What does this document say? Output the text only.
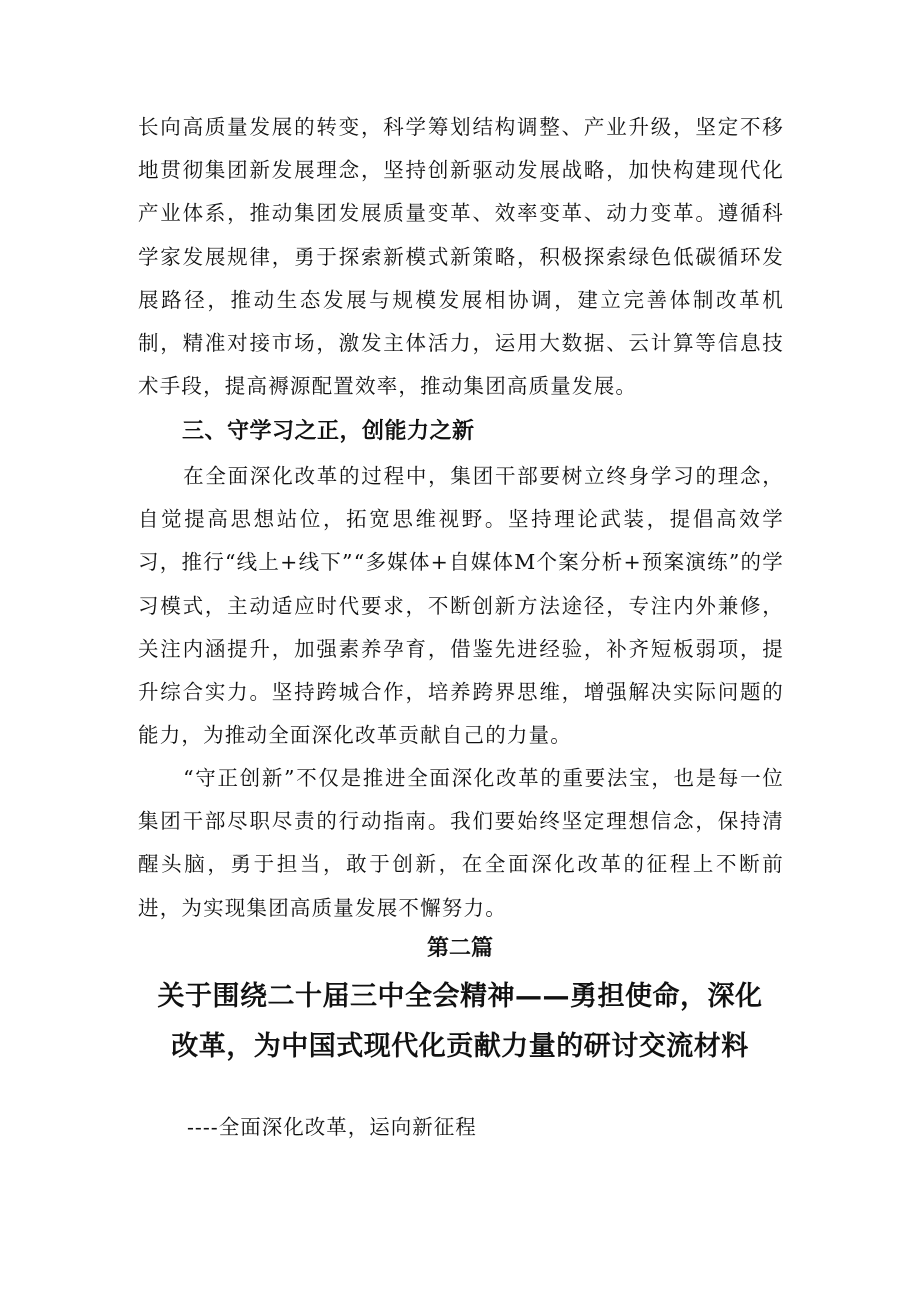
长向高质量发展的转变，科学筹划结构调整、产业升级，坚定不移地贯彻集团新发展理念，坚持创新驱动发展战略，加快构建现代化产业体系，推动集团发展质量变革、效率变革、动力变革。遵循科学家发展规律，勇于探索新模式新策略，积极探索绿色低碳循环发展路径，推动生态发展与规模发展相协调，建立完善体制改革机制，精准对接市场，激发主体活力，运用大数据、云计算等信息技术手段，提高褥源配置效率，推动集团高质量发展。

三、守学习之正，创能力之新

在全面深化改革的过程中，集团干部要树立终身学习的理念，自觉提高思想站位，拓宽思维视野。坚持理论武装，提倡高效学习，推行“线上+线下”“多媒体+自媒体M个案分析+预案演练”的学习模式，主动适应时代要求，不断创新方法途径，专注内外兼修，关注内涵提升，加强素养孕育，借鉴先进经验，补齐短板弱项，提升综合实力。坚持跨城合作，培养跨界思维，增强解决实际问题的能力，为推动全面深化改革贡献自己的力量。

“守正创新”不仅是推进全面深化改革的重要法宝，也是每一位集团干部尽职尽责的行动指南。我们要始终坚定理想信念，保持清醒头脑，勇于担当，敢于创新，在全面深化改革的征程上不断前进，为实现集团高质量发展不懈努力。

第二篇
关于围绕二十届三中全会精神——勇担使命，深化改革，为中国式现代化贡献力量的研讨交流材料

----全面深化改革，运向新征程
